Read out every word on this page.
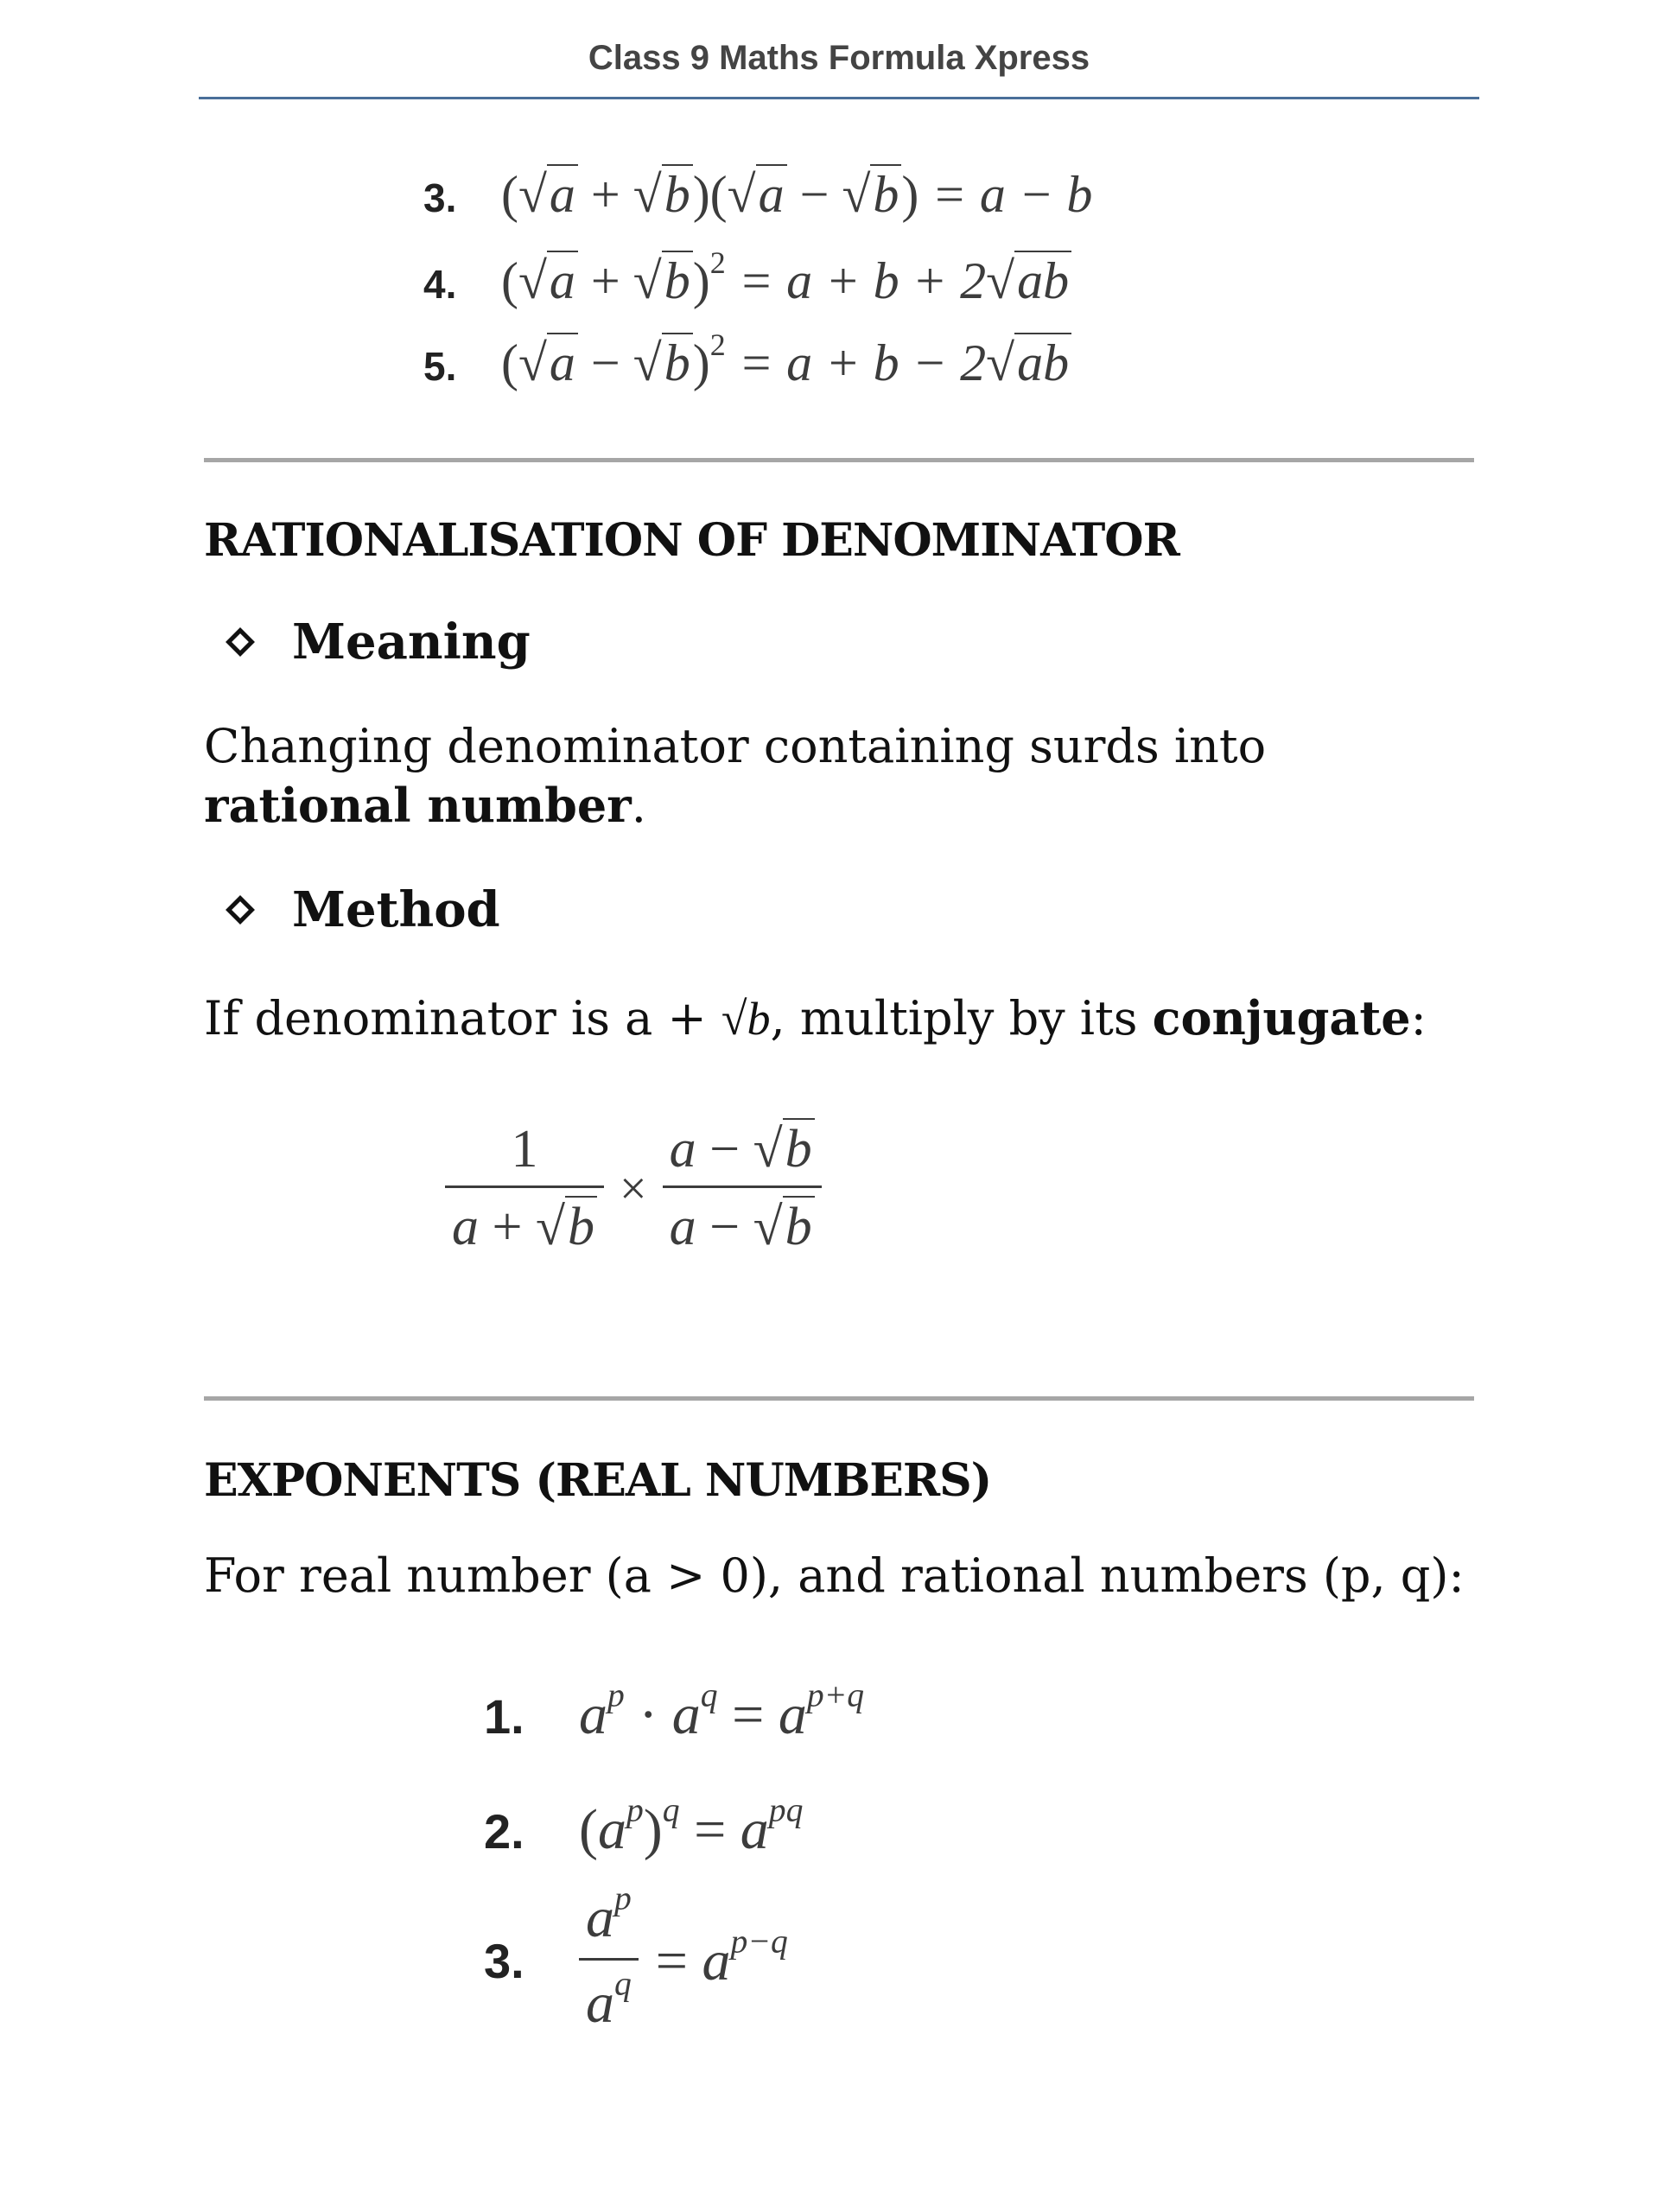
Class 9 Maths Formula Xpress
3. (√a + √b)(√a − √b) = a − b
4. $(√a + √b)^2 = a + b + 2√ab$
5. $(√a - √b)^2 = a + b - 2√ab$
RATIONALISATION OF DENOMINATOR
Meaning
Changing denominator containing surds into rational number.
Method
If denominator is a + √b, multiply by its conjugate:
$\frac{1}{a + √b} \times \frac{a - √b}{a - √b}$
EXPONENTS (REAL NUMBERS)
For real number (a > 0), and rational numbers (p, q):
1. $a^p \cdot a^q = a^{p+q}$
2. $(a^p)^q = a^{pq}$
3. $\frac{a^p}{a^q} = a^{p-q}$
